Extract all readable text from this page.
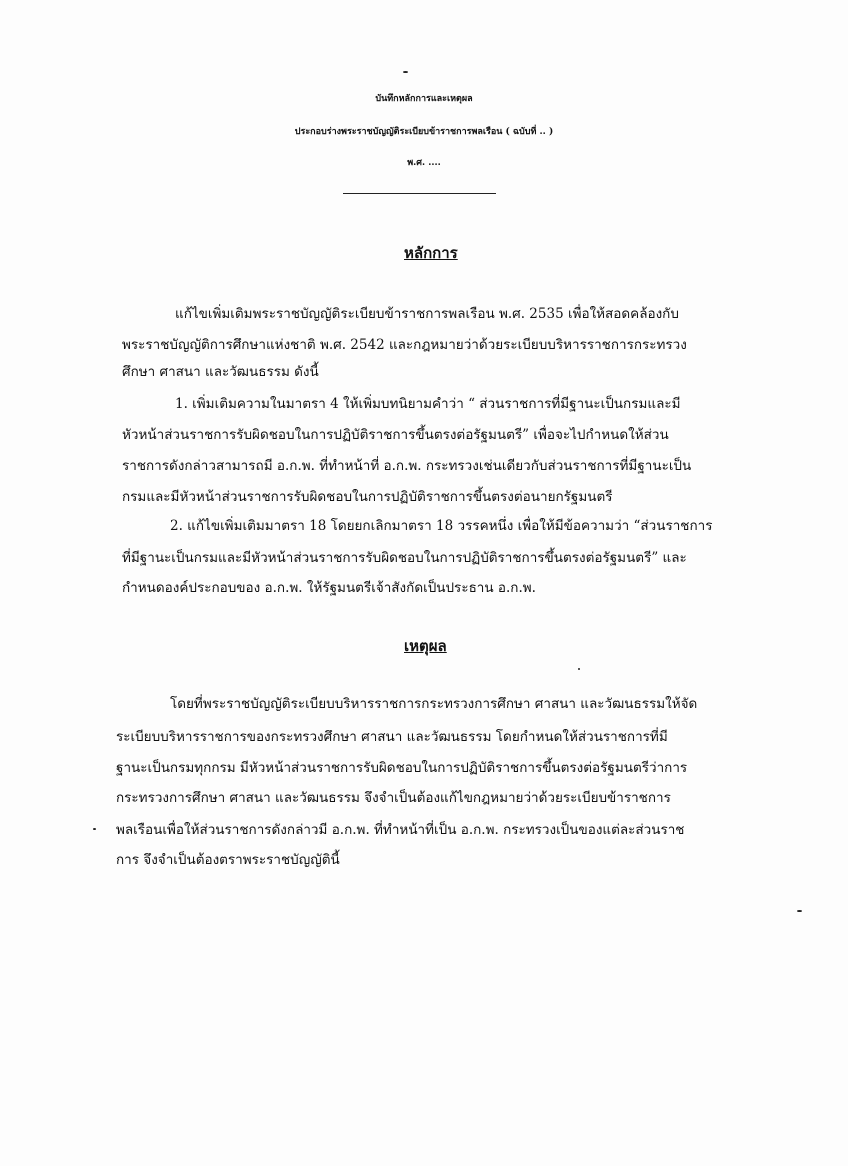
บันทึกหลักการและเหตุผล
ประกอบร่างพระราชบัญญัติระเบียบข้าราชการพลเรือน ( ฉบับที่ .. )
พ.ศ. ....
หลักการ
แก้ไขเพิ่มเติมพระราชบัญญัติระเบียบข้าราชการพลเรือน พ.ศ. 2535 เพื่อให้สอดคล้องกับ
พระราชบัญญัติการศึกษาแห่งชาติ พ.ศ. 2542 และกฎหมายว่าด้วยระเบียบบริหารราชการกระทรวง
ศึกษา ศาสนา และวัฒนธรรม ดังนี้
1. เพิ่มเติมความในมาตรา 4 ให้เพิ่มบทนิยามคำว่า “ ส่วนราชการที่มีฐานะเป็นกรมและมี
หัวหน้าส่วนราชการรับผิดชอบในการปฏิบัติราชการขึ้นตรงต่อรัฐมนตรี” เพื่อจะไปกำหนดให้ส่วน
ราชการดังกล่าวสามารถมี อ.ก.พ. ที่ทำหน้าที่ อ.ก.พ. กระทรวงเช่นเดียวกับส่วนราชการที่มีฐานะเป็น
กรมและมีหัวหน้าส่วนราชการรับผิดชอบในการปฏิบัติราชการขึ้นตรงต่อนายกรัฐมนตรี
2. แก้ไขเพิ่มเติมมาตรา 18 โดยยกเลิกมาตรา 18 วรรคหนึ่ง เพื่อให้มีข้อความว่า “ส่วนราชการ
ที่มีฐานะเป็นกรมและมีหัวหน้าส่วนราชการรับผิดชอบในการปฏิบัติราชการขึ้นตรงต่อรัฐมนตรี” และ
กำหนดองค์ประกอบของ อ.ก.พ. ให้รัฐมนตรีเจ้าสังกัดเป็นประธาน อ.ก.พ.
เหตุผล
โดยที่พระราชบัญญัติระเบียบบริหารราชการกระทรวงการศึกษา ศาสนา และวัฒนธรรมให้จัด
ระเบียบบริหารราชการของกระทรวงศึกษา ศาสนา และวัฒนธรรม โดยกำหนดให้ส่วนราชการที่มี
ฐานะเป็นกรมทุกกรม มีหัวหน้าส่วนราชการรับผิดชอบในการปฏิบัติราชการขึ้นตรงต่อรัฐมนตรีว่าการ
กระทรวงการศึกษา ศาสนา และวัฒนธรรม จึงจำเป็นต้องแก้ไขกฎหมายว่าด้วยระเบียบข้าราชการ
พลเรือนเพื่อให้ส่วนราชการดังกล่าวมี อ.ก.พ. ที่ทำหน้าที่เป็น อ.ก.พ. กระทรวงเป็นของแต่ละส่วนราช
การ จึงจำเป็นต้องตราพระราชบัญญัตินี้
